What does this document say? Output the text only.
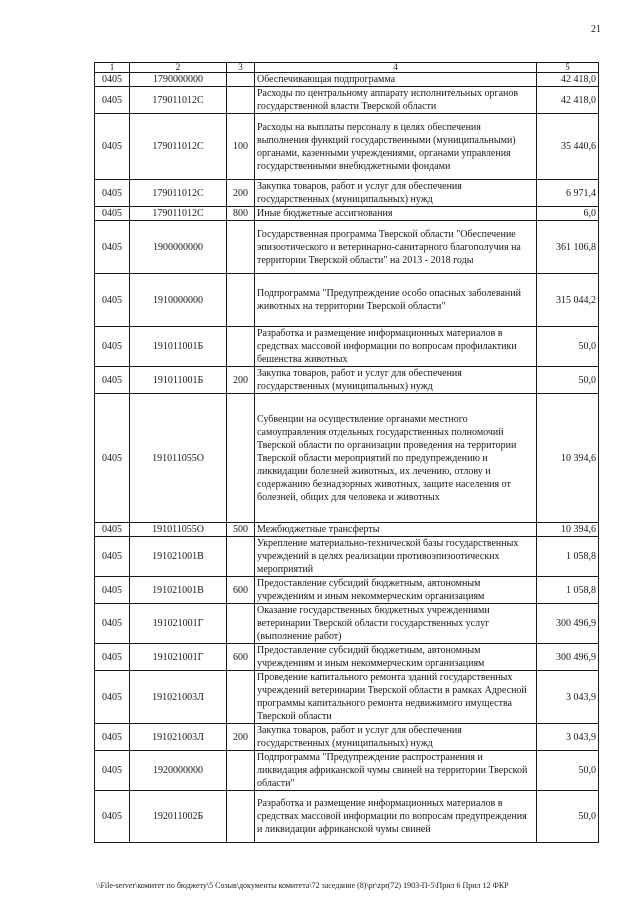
21
1	2	3	4	5
0405	1790000000		Обеспечивающая подпрограмма	42 418,0
0405	179011012С		Расходы по центральному аппарату исполнительных органов государственной власти Тверской области	42 418,0
0405	179011012С	100	Расходы на выплаты персоналу в целях обеспечения выполнения функций государственными (муниципальными) органами, казенными учреждениями, органами управления государственными внебюджетными фондами	35 440,6
0405	179011012С	200	Закупка товаров, работ и услуг для обеспечения государственных (муниципальных) нужд	6 971,4
0405	179011012С	800	Иные бюджетные ассигнования	6,0
0405	1900000000		Государственная программа Тверской области "Обеспечение эпизоотического и ветеринарно-санитарного благополучия на территории Тверской области" на 2013 - 2018 годы	361 106,8
0405	1910000000		Подпрограмма "Предупреждение особо опасных заболеваний животных на территории Тверской области"	315 044,2
0405	191011001Б		Разработка и размещение информационных материалов в средствах массовой информации по вопросам профилактики бешенства животных	50,0
0405	191011001Б	200	Закупка товаров, работ и услуг для обеспечения государственных (муниципальных) нужд	50,0
0405	191011055О		Субвенции на осуществление органами местного самоуправления отдельных государственных полномочий Тверской области по организации проведения на территории Тверской области мероприятий по предупреждению и ликвидации болезней животных, их лечению, отлову и содержанию безнадзорных животных, защите населения от болезней, общих для человека и животных	10 394,6
0405	191011055О	500	Межбюджетные трансферты	10 394,6
0405	191021001В		Укрепление материально-технической базы государственных учреждений в целях реализации противоэпизоотических мероприятий	1 058,8
0405	191021001В	600	Предоставление субсидий бюджетным, автономным учреждениям и иным некоммерческим организациям	1 058,8
0405	191021001Г		Оказание государственных бюджетных учреждениями ветеринарии Тверской области государственных услуг (выполнение работ)	300 496,9
0405	191021001Г	600	Предоставление субсидий бюджетным, автономным учреждениям и иным некоммерческим организациям	300 496,9
0405	191021003Л		Проведение капитального ремонта зданий государственных учреждений ветеринарии Тверской области в рамках Адресной программы капитального ремонта недвижимого имущества Тверской области	3 043,9
0405	191021003Л	200	Закупка товаров, работ и услуг для обеспечения государственных (муниципальных) нужд	3 043,9
0405	1920000000		Подпрограмма "Предупреждение распространения и ликвидация африканской чумы свиней на территории Тверской области"	50,0
0405	192011002Б		Разработка и размещение информационных материалов в средствах массовой информации по вопросам предупреждения и ликвидации африканской чумы свиней	50,0
\\File-server\комитет по бюджету\5 Созыв\документы комитета\72 заседание (8)\pr\zpr(72) 1903-П-5\Прил 6 Прил 12 ФКР
